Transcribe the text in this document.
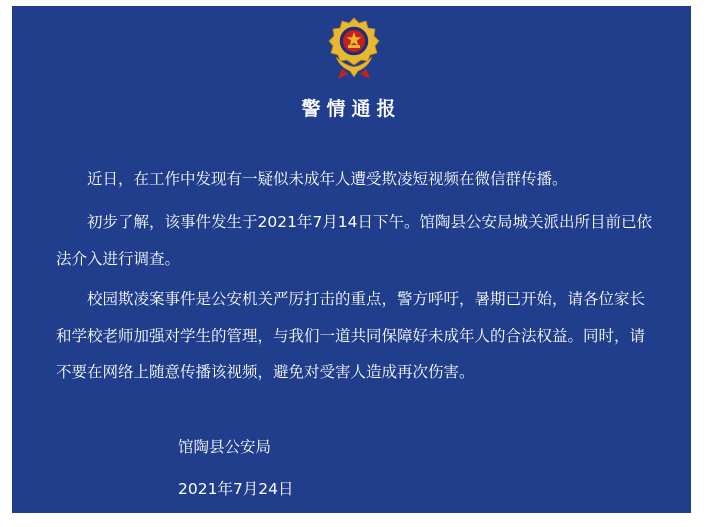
警情通报

近日，在工作中发现有一疑似未成年人遭受欺凌短视频在微信群传播。

初步了解，该事件发生于2021年7月14日下午。馆陶县公安局城关派出所目前已依法介入进行调查。

校园欺凌案事件是公安机关严厉打击的重点，警方呼吁，暑期已开始，请各位家长和学校老师加强对学生的管理，与我们一道共同保障好未成年人的合法权益。同时，请不要在网络上随意传播该视频，避免对受害人造成再次伤害。

馆陶县公安局
2021年7月24日
